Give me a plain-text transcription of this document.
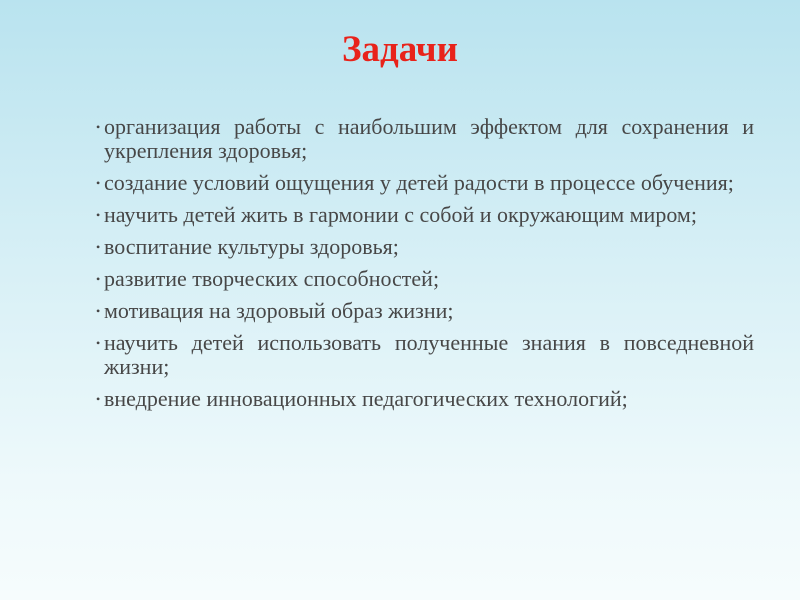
Задачи
• организация работы с наибольшим эффектом для сохранения и укрепления здоровья;
• создание условий ощущения у детей радости в процессе обучения;
• научить детей жить в гармонии с собой и окружающим миром;
• воспитание культуры здоровья;
• развитие творческих способностей;
• мотивация на здоровый образ жизни;
• научить детей использовать полученные знания в повседневной жизни;
• внедрение инновационных педагогических технологий;
